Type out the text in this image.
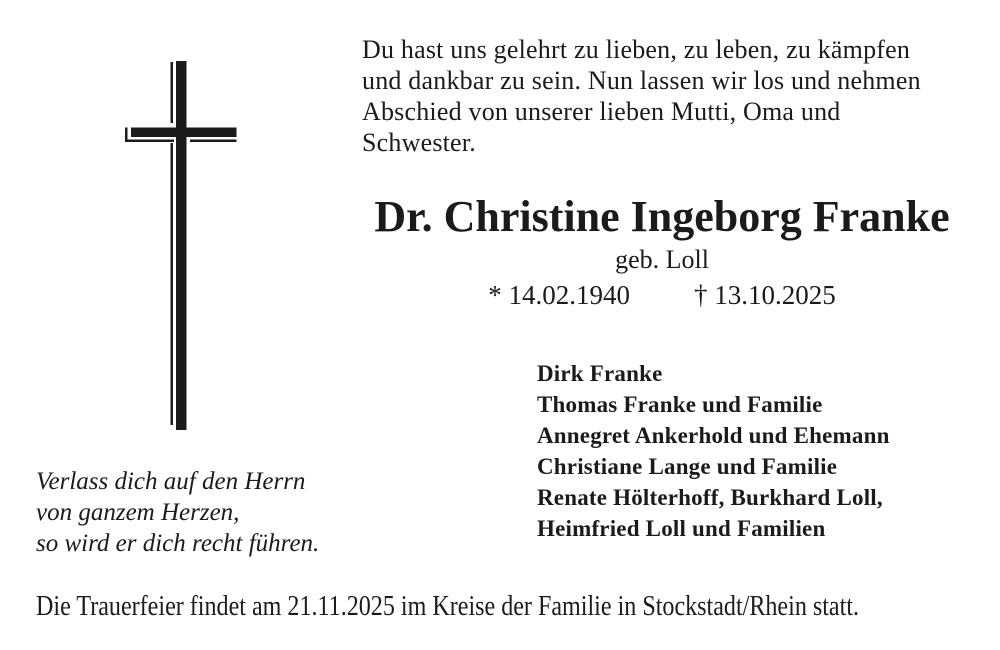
Du hast uns gelehrt zu lieben, zu leben, zu kämpfen
und dankbar zu sein. Nun lassen wir los und nehmen
Abschied von unserer lieben Mutti, Oma und
Schwester.
Dr. Christine Ingeborg Franke
geb. Loll
* 14.02.1940 † 13.10.2025
Dirk Franke
Thomas Franke und Familie
Annegret Ankerhold und Ehemann
Christiane Lange und Familie
Renate Hölterhoff, Burkhard Loll,
Heimfried Loll und Familien
Verlass dich auf den Herrn
von ganzem Herzen,
so wird er dich recht führen.
Die Trauerfeier findet am 21.11.2025 im Kreise der Familie in Stockstadt/Rhein statt.
